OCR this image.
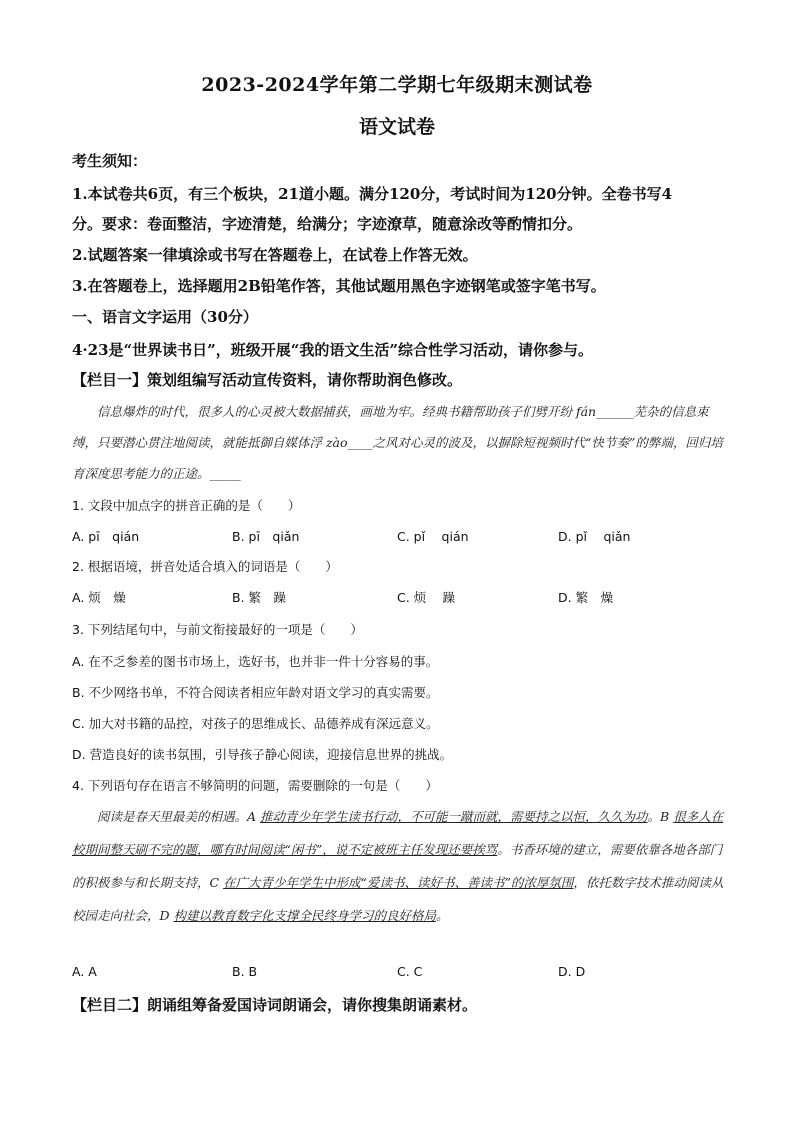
2023-2024学年第二学期七年级期末测试卷
语文试卷
考生须知：
1.本试卷共6页，有三个板块，21道小题。满分120分，考试时间为120分钟。全卷书写4
分。要求：卷面整洁，字迹清楚，给满分；字迹潦草，随意涂改等酌情扣分。
2.试题答案一律填涂或书写在答题卷上，在试卷上作答无效。
3.在答题卷上，选择题用2B铅笔作答，其他试题用黑色字迹钢笔或签字笔书写。
一、语言文字运用（30分）
4·23是“世界读书日”，班级开展“我的语文生活”综合性学习活动，请你参与。
【栏目一】策划组编写活动宣传资料，请你帮助润色修改。
信息爆炸的时代，很多人的心灵被大数据捕获，画地为牢。经典书籍帮助孩子们劈开纷 fán______芜杂的信息束缚，只要潜心贯注地阅读，就能抵御自媒体浮 zào____之风对心灵的波及，以摒除短视频时代“快节奏”的弊端，回归培育深度思考能力的正途。_____
1. 文段中加点字的拼音正确的是（　　）
A. pī　qián	B. pī　qiǎn	C. pǐ　 qián	D. pǐ　 qiǎn
2. 根据语境，拼音处适合填入的词语是（　　）
A. 烦　燥	B. 繁　躁	C. 烦　 躁	D. 繁　燥
3. 下列结尾句中，与前文衔接最好的一项是（　　）
A. 在不乏参差的图书市场上，选好书，也并非一件十分容易的事。
B. 不少网络书单，不符合阅读者相应年龄对语文学习的真实需要。
C. 加大对书籍的品控，对孩子的思维成长、品德养成有深远意义。
D. 营造良好的读书氛围，引导孩子静心阅读，迎接信息世界的挑战。
4. 下列语句存在语言不够简明的问题，需要删除的一句是（　　）
阅读是春天里最美的相遇。A 推动青少年学生读书行动，不可能一蹴而就，需要持之以恒，久久为功。B 很多人在校期间整天刷不完的题，哪有时间阅读“闲书”，说不定被班主任发现还要挨骂。书香环境的建立，需要依靠各地各部门的积极参与和长期支持，C 在广大青少年学生中形成“爱读书、读好书、善读书”的浓厚氛围，依托数字技术推动阅读从校园走向社会，D 构建以教育数字化支撑全民终身学习的良好格局。
A. A	B. B	C. C	D. D
【栏目二】朗诵组筹备爱国诗词朗诵会，请你搜集朗诵素材。
